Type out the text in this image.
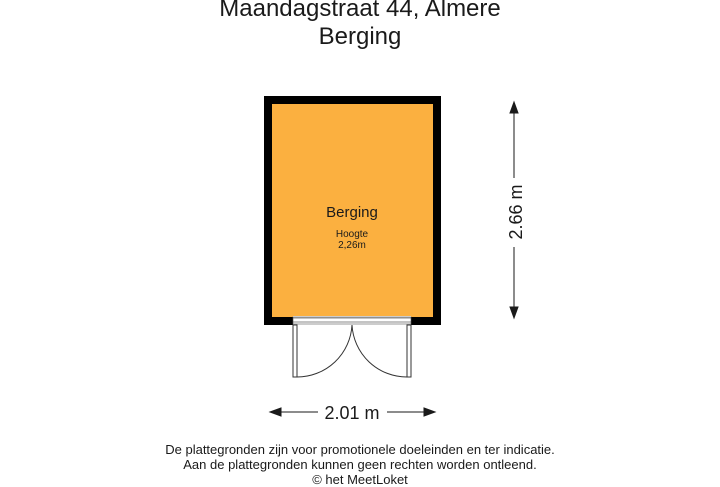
Maandagstraat 44, Almere
Berging
Berging
Hoogte
2,26m
2.66 m
2.01 m
De plattegronden zijn voor promotionele doeleinden en ter indicatie.
Aan de plattegronden kunnen geen rechten worden ontleend.
© het MeetLoket
